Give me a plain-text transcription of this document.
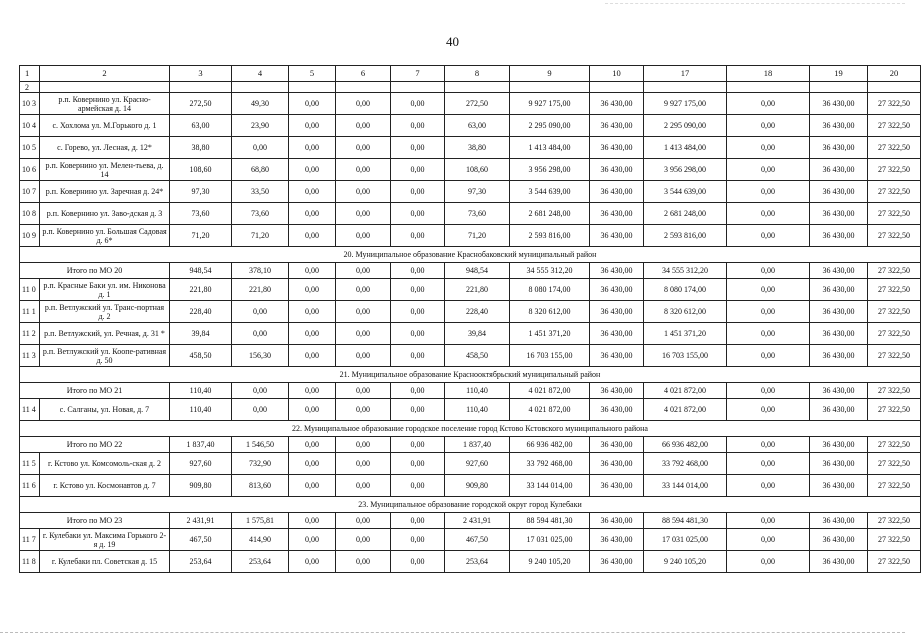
40
1	2	3	4	5	6	7	8	9	10	17	18	19	20
2													
10 3	р.п. Ковернино ул. Красно-армейская д. 14	272,50	49,30	0,00	0,00	0,00	272,50	9 927 175,00	36 430,00	9 927 175,00	0,00	36 430,00	27 322,50
10 4	с. Хохлома ул. М.Горького д. 1	63,00	23,90	0,00	0,00	0,00	63,00	2 295 090,00	36 430,00	2 295 090,00	0,00	36 430,00	27 322,50
10 5	с. Горево, ул. Лесная, д. 12*	38,80	0,00	0,00	0,00	0,00	38,80	1 413 484,00	36 430,00	1 413 484,00	0,00	36 430,00	27 322,50
10 6	р.п. Ковернино ул. Мелен-тьева, д. 14	108,60	68,80	0,00	0,00	0,00	108,60	3 956 298,00	36 430,00	3 956 298,00	0,00	36 430,00	27 322,50
10 7	р.п. Ковернино ул. Заречная д. 24*	97,30	33,50	0,00	0,00	0,00	97,30	3 544 639,00	36 430,00	3 544 639,00	0,00	36 430,00	27 322,50
10 8	р.п. Ковернино ул. Заво-дская д. 3	73,60	73,60	0,00	0,00	0,00	73,60	2 681 248,00	36 430,00	2 681 248,00	0,00	36 430,00	27 322,50
10 9	р.п. Ковернино ул. Большая Садовая д. 6*	71,20	71,20	0,00	0,00	0,00	71,20	2 593 816,00	36 430,00	2 593 816,00	0,00	36 430,00	27 322,50
20. Муниципальное образование Краснобаковский муниципальный район													
Итого по МО 20		948,54	378,10	0,00	0,00	0,00	948,54	34 555 312,20	36 430,00	34 555 312,20	0,00	36 430,00	27 322,50
11 0	р.п. Красные Баки ул. им. Никонова д. 1	221,80	221,80	0,00	0,00	0,00	221,80	8 080 174,00	36 430,00	8 080 174,00	0,00	36 430,00	27 322,50
11 1	р.п. Ветлужский ул. Транс-портная д. 2	228,40	0,00	0,00	0,00	0,00	228,40	8 320 612,00	36 430,00	8 320 612,00	0,00	36 430,00	27 322,50
11 2	р.п. Ветлужский, ул. Речная, д. 31 *	39,84	0,00	0,00	0,00	0,00	39,84	1 451 371,20	36 430,00	1 451 371,20	0,00	36 430,00	27 322,50
11 3	р.п. Ветлужский ул. Коопе-ративная д. 50	458,50	156,30	0,00	0,00	0,00	458,50	16 703 155,00	36 430,00	16 703 155,00	0,00	36 430,00	27 322,50
21. Муниципальное образование Краснооктябрьский муниципальный район													
Итого по МО 21		110,40	0,00	0,00	0,00	0,00	110,40	4 021 872,00	36 430,00	4 021 872,00	0,00	36 430,00	27 322,50
11 4	с. Салганы, ул. Новая, д. 7	110,40	0,00	0,00	0,00	0,00	110,40	4 021 872,00	36 430,00	4 021 872,00	0,00	36 430,00	27 322,50
22. Муниципальное образование городское поселение город Кстово Кстовского муниципального района													
Итого по МО 22		1 837,40	1 546,50	0,00	0,00	0,00	1 837,40	66 936 482,00	36 430,00	66 936 482,00	0,00	36 430,00	27 322,50
11 5	г. Кстово ул. Комсомоль-ская д. 2	927,60	732,90	0,00	0,00	0,00	927,60	33 792 468,00	36 430,00	33 792 468,00	0,00	36 430,00	27 322,50
11 6	г. Кстово ул. Космонавтов д. 7	909,80	813,60	0,00	0,00	0,00	909,80	33 144 014,00	36 430,00	33 144 014,00	0,00	36 430,00	27 322,50
23. Муниципальное образование городской округ город Кулебаки													
Итого по МО 23		2 431,91	1 575,81	0,00	0,00	0,00	2 431,91	88 594 481,30	36 430,00	88 594 481,30	0,00	36 430,00	27 322,50
11 7	г. Кулебаки ул. Максима Горького 2-я д. 19	467,50	414,90	0,00	0,00	0,00	467,50	17 031 025,00	36 430,00	17 031 025,00	0,00	36 430,00	27 322,50
11 8	г. Кулебаки пл. Советская д. 15	253,64	253,64	0,00	0,00	0,00	253,64	9 240 105,20	36 430,00	9 240 105,20	0,00	36 430,00	27 322,50
